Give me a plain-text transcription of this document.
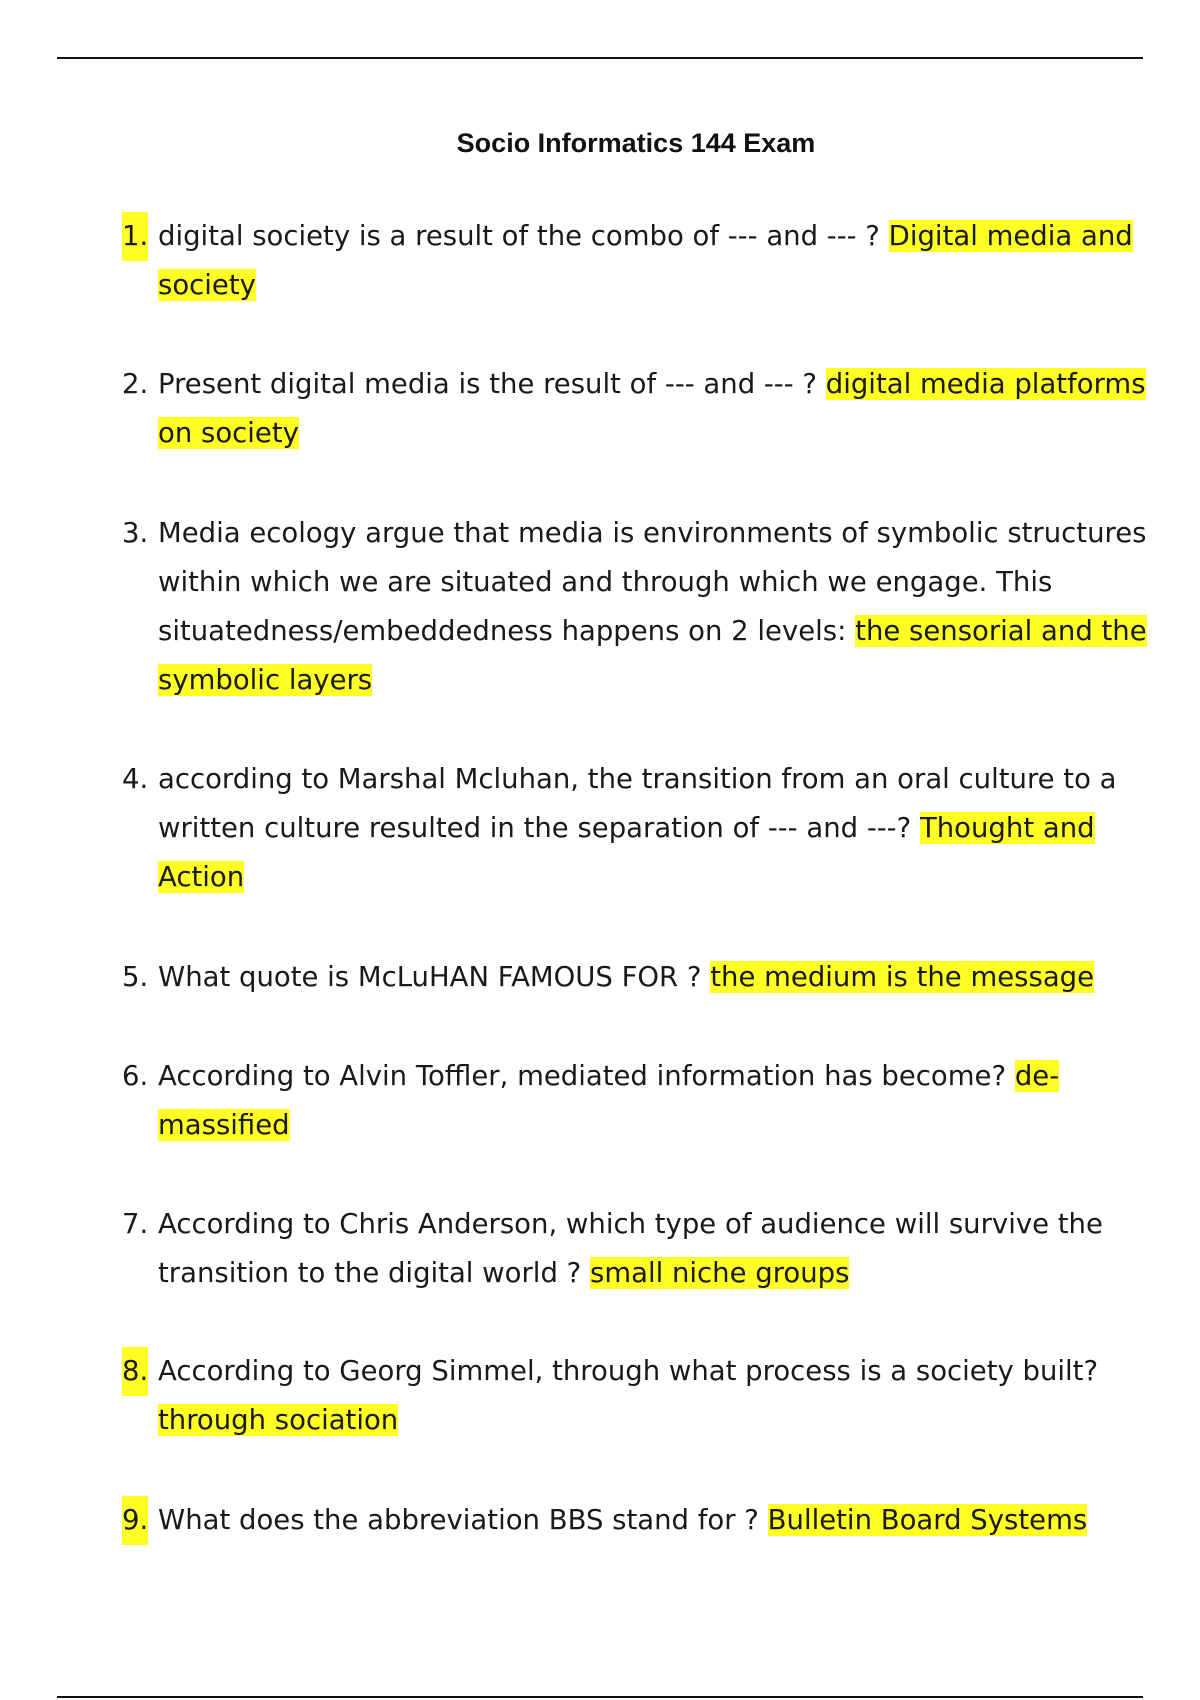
Socio Informatics 144 Exam
1. digital society is a result of the combo of --- and --- ? Digital media and society
2. Present digital media is the result of --- and --- ? digital media platforms on society
3. Media ecology argue that media is environments of symbolic structures within which we are situated and through which we engage. This situatedness/embeddedness happens on 2 levels: the sensorial and the symbolic layers
4. according to Marshal Mcluhan, the transition from an oral culture to a written culture resulted in the separation of --- and ---? Thought and Action
5. What quote is McLuHAN FAMOUS FOR ? the medium is the message
6. According to Alvin Toffler, mediated information has become? de-massified
7. According to Chris Anderson, which type of audience will survive the transition to the digital world ? small niche groups
8. According to Georg Simmel, through what process is a society built? through sociation
9. What does the abbreviation BBS stand for ? Bulletin Board Systems
